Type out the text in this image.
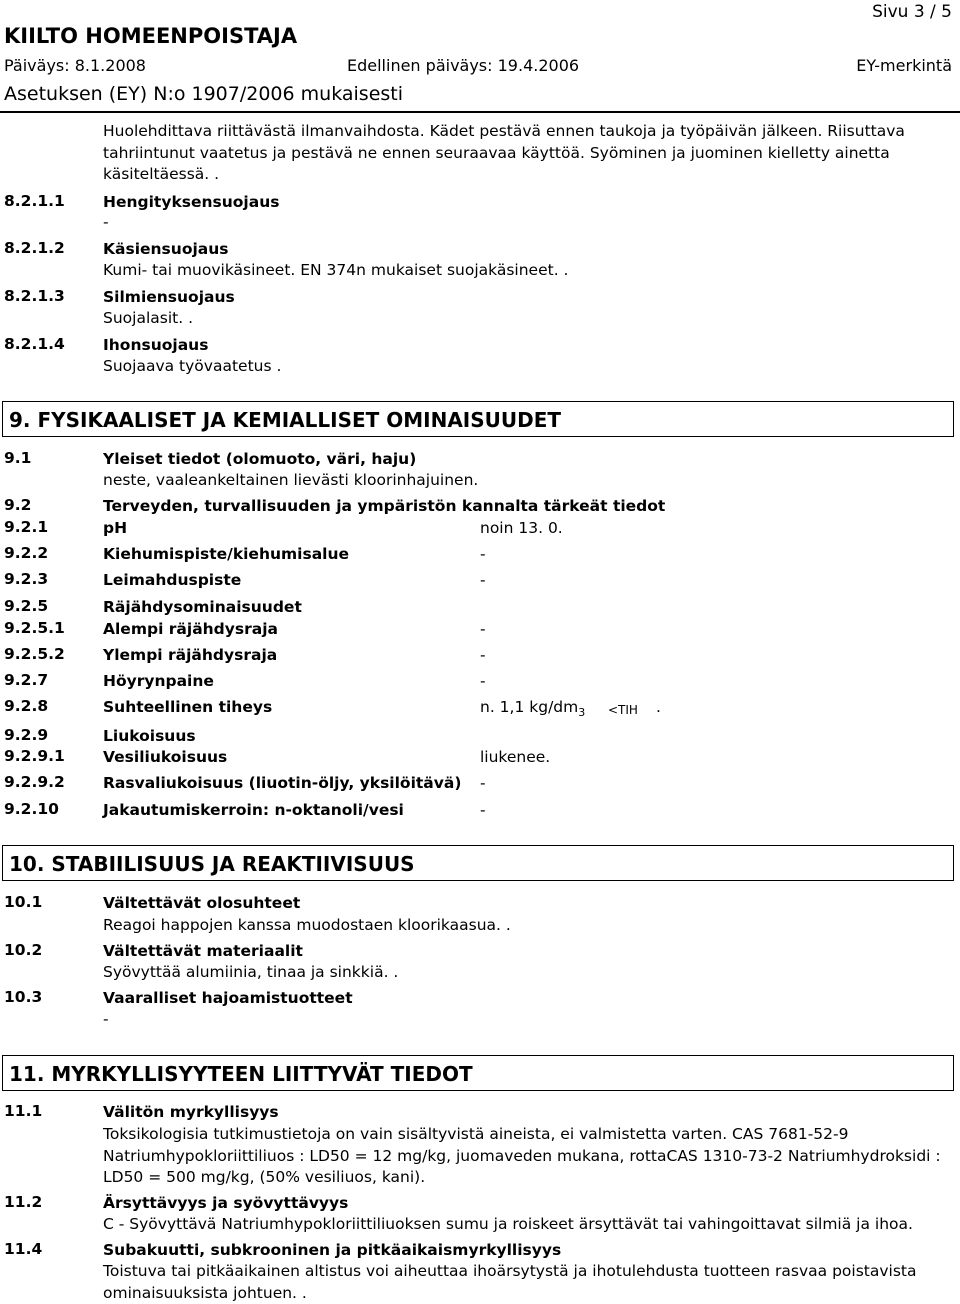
Sivu 3 / 5
KIILTO HOMEENPOISTAJA
Päiväys: 8.1.2008	Edellinen päiväys: 19.4.2006	EY-merkintä
Asetuksen (EY) N:o 1907/2006 mukaisesti
Huolehdittava riittävästä ilmanvaihdosta. Kädet pestävä ennen taukoja ja työpäivän jälkeen. Riisuttava tahriintunut vaatetus ja pestävä ne ennen seuraavaa käyttöä. Syöminen ja juominen kielletty ainetta käsiteltäessä. .
8.2.1.1 Hengityksensuojaus
-
8.2.1.2 Käsiensuojaus
Kumi- tai muovikäsineet. EN 374n mukaiset suojakäsineet. .
8.2.1.3 Silmiensuojaus
Suojalasit. .
8.2.1.4 Ihonsuojaus
Suojaava työvaatetus .
9. FYSIKAALISET JA KEMIALLISET OMINAISUUDET
9.1	Yleiset tiedot (olomuoto, väri, haju)
neste, vaaleankeltainen lievästi kloorinhajuinen.
9.2	Terveyden, turvallisuuden ja ympäristön kannalta tärkeät tiedot
9.2.1	pH	noin 13. 0.
9.2.2	Kiehumispiste/kiehumisalue	-
9.2.3	Leimahduspiste	-
9.2.5	Räjähdysominaisuudet
9.2.5.1 Alempi räjähdysraja	-
9.2.5.2 Ylempi räjähdysraja	-
9.2.7	Höyrynpaine	-
9.2.8	Suhteellinen tiheys	n. 1,1 $kg/dm_3 <TIH$ .
9.2.9	Liukoisuus
9.2.9.1 Vesiliukoisuus	liukenee.
9.2.9.2 Rasvaliukoisuus (liuotin-öljy, yksilöitävä) -
9.2.10	Jakautumiskerroin: n-oktanoli/vesi	-
10. STABIILISUUS JA REAKTIIVISUUS
10.1	Vältettävät olosuhteet
Reagoi happojen kanssa muodostaen kloorikaasua. .
10.2	Vältettävät materiaalit
Syövyttää alumiinia, tinaa ja sinkkiä. .
10.3	Vaaralliset hajoamistuotteet
-
11. MYRKYLLISYYTEEN LIITTYVÄT TIEDOT
11.1	Välitön myrkyllisyys
Toksikologisia tutkimustietoja on vain sisältyvistä aineista, ei valmistetta varten. CAS 7681-52-9 Natriumhypokloriittiliuos : LD50 = 12 mg/kg, juomaveden mukana, rottaCAS 1310-73-2 Natriumhydroksidi : LD50 = 500 mg/kg, (50% vesiliuos, kani).
11.2	Ärsyttävyys ja syövyttävyys
C - Syövyttävä Natriumhypokloriittiliuoksen sumu ja roiskeet ärsyttävät tai vahingoittavat silmiä ja ihoa.
11.4	Subakuutti, subkrooninen ja pitkäaikaismyrkyllisyys
Toistuva tai pitkäaikainen altistus voi aiheuttaa ihoärsytystä ja ihotulehdusta tuotteen rasvaa poistavista ominaisuuksista johtuen. .
